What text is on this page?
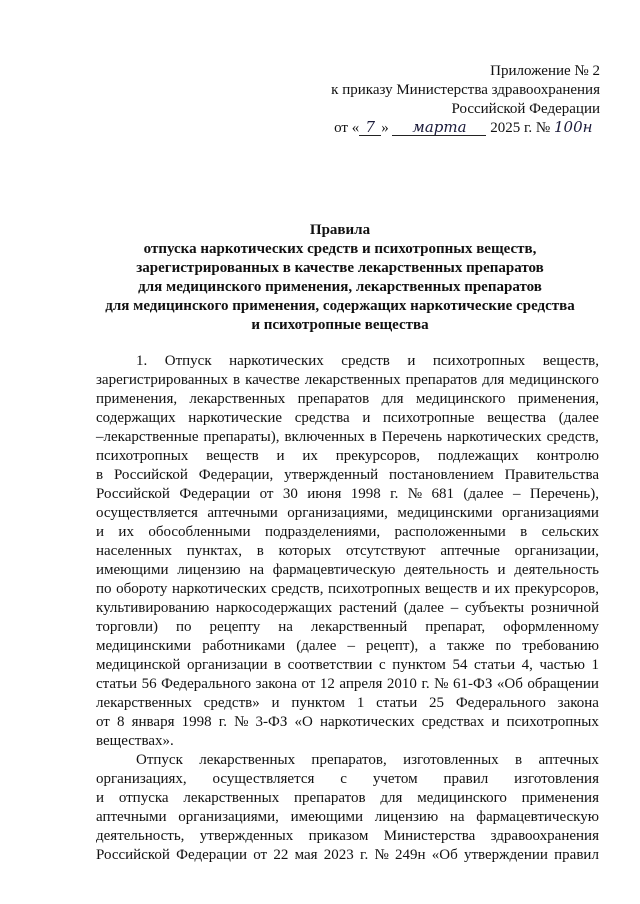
Приложение № 2
к приказу Министерства здравоохранения
Российской Федерации
от « 7 » марта 2025 г. № 100н
Правила
отпуска наркотических средств и психотропных веществ,
зарегистрированных в качестве лекарственных препаратов
для медицинского применения, лекарственных препаратов
для медицинского применения, содержащих наркотические средства
и психотропные вещества
1. Отпуск наркотических средств и психотропных веществ,
зарегистрированных в качестве лекарственных препаратов для медицинского
применения, лекарственных препаратов для медицинского применения,
содержащих наркотические средства и психотропные вещества (далее
–лекарственные препараты), включенных в Перечень наркотических средств,
психотропных веществ и их прекурсоров, подлежащих контролю
в Российской Федерации, утвержденный постановлением Правительства
Российской Федерации от 30 июня 1998 г. № 681 (далее – Перечень),
осуществляется аптечными организациями, медицинскими организациями
и их обособленными подразделениями, расположенными в сельских
населенных пунктах, в которых отсутствуют аптечные организации,
имеющими лицензию на фармацевтическую деятельность и деятельность
по обороту наркотических средств, психотропных веществ и их прекурсоров,
культивированию наркосодержащих растений (далее – субъекты розничной
торговли) по рецепту на лекарственный препарат, оформленному
медицинскими работниками (далее – рецепт), а также по требованию
медицинской организации в соответствии с пунктом 54 статьи 4, частью 1
статьи 56 Федерального закона от 12 апреля 2010 г. № 61-ФЗ «Об обращении
лекарственных средств» и пунктом 1 статьи 25 Федерального закона
от 8 января 1998 г. № 3-ФЗ «О наркотических средствах и психотропных
веществах».
Отпуск лекарственных препаратов, изготовленных в аптечных
организациях, осуществляется с учетом правил изготовления
и отпуска лекарственных препаратов для медицинского применения
аптечными организациями, имеющими лицензию на фармацевтическую
деятельность, утвержденных приказом Министерства здравоохранения
Российской Федерации от 22 мая 2023 г. № 249н «Об утверждении правил
